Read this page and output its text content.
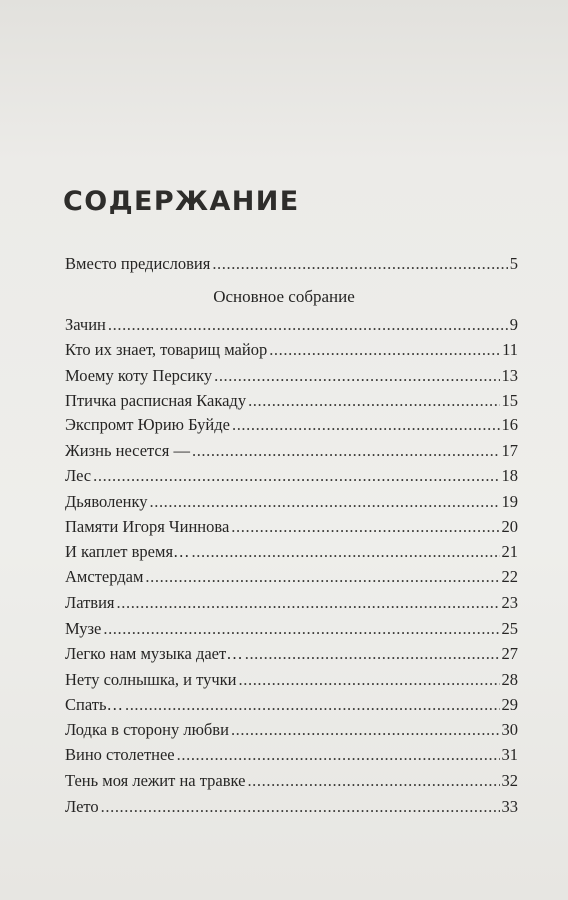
СОДЕРЖАНИЕ
Вместо предисловия .....	5
Основное собрание
Зачин .....	9
Кто их знает, товарищ майор .....	11
Моему коту Персику .....	13
Птичка расписная Какаду .....	15
Экспромт Юрию Буйде .....	16
Жизнь несется — .....	17
Лес .....	18
Дьяволенку .....	19
Памяти Игоря Чиннова .....	20
И каплет время… .....	21
Амстердам .....	22
Латвия .....	23
Музе .....	25
Легко нам музыка дает… .....	27
Нету солнышка, и тучки .....	28
Спать… .....	29
Лодка в сторону любви .....	30
Вино столетнее .....	31
Тень моя лежит на травке .....	32
Лето .....	33
